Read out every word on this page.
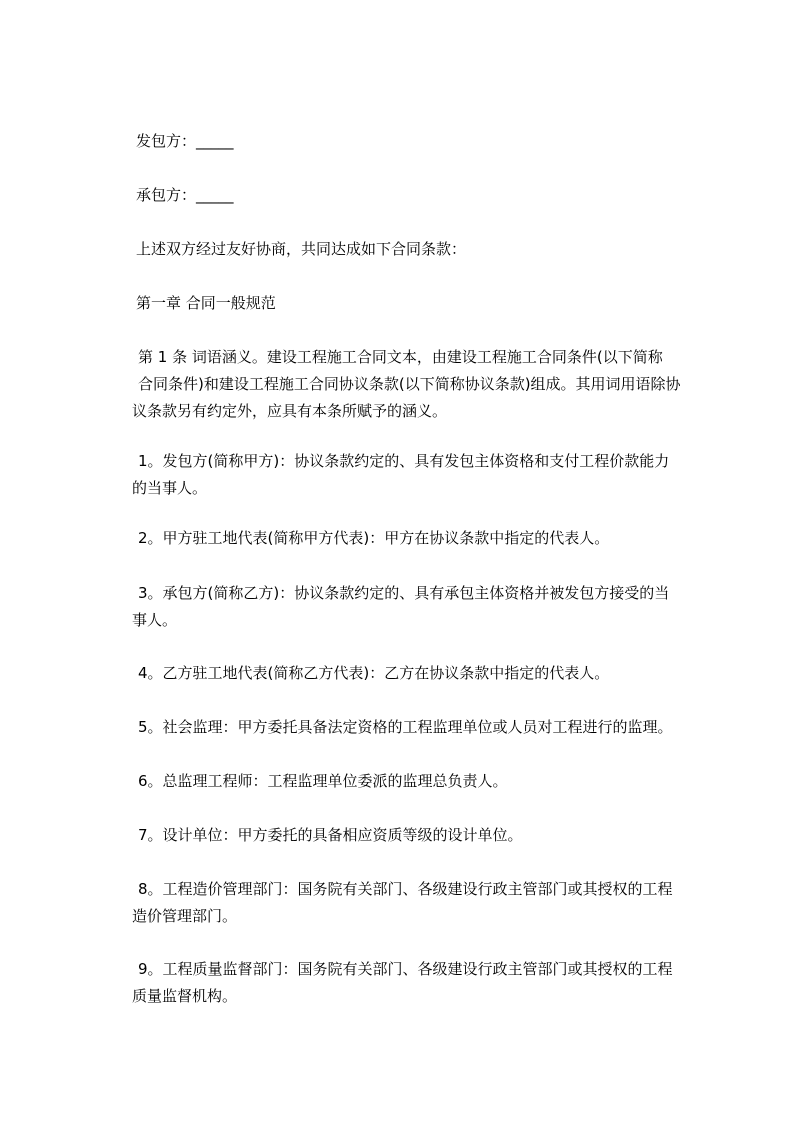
发包方：_____

承包方：_____

上述双方经过友好协商，共同达成如下合同条款：

第一章 合同一般规范

第 1 条 词语涵义。建设工程施工合同文本，由建设工程施工合同条件(以下简称
合同条件)和建设工程施工合同协议条款(以下简称协议条款)组成。其用词用语除协
议条款另有约定外，应具有本条所赋予的涵义。

1。发包方(简称甲方)：协议条款约定的、具有发包主体资格和支付工程价款能力
的当事人。

2。甲方驻工地代表(简称甲方代表)：甲方在协议条款中指定的代表人。

3。承包方(简称乙方)：协议条款约定的、具有承包主体资格并被发包方接受的当
事人。

4。乙方驻工地代表(简称乙方代表)：乙方在协议条款中指定的代表人。

5。社会监理：甲方委托具备法定资格的工程监理单位或人员对工程进行的监理。

6。总监理工程师：工程监理单位委派的监理总负责人。

7。设计单位：甲方委托的具备相应资质等级的设计单位。

8。工程造价管理部门：国务院有关部门、各级建设行政主管部门或其授权的工程
造价管理部门。

9。工程质量监督部门：国务院有关部门、各级建设行政主管部门或其授权的工程
质量监督机构。
